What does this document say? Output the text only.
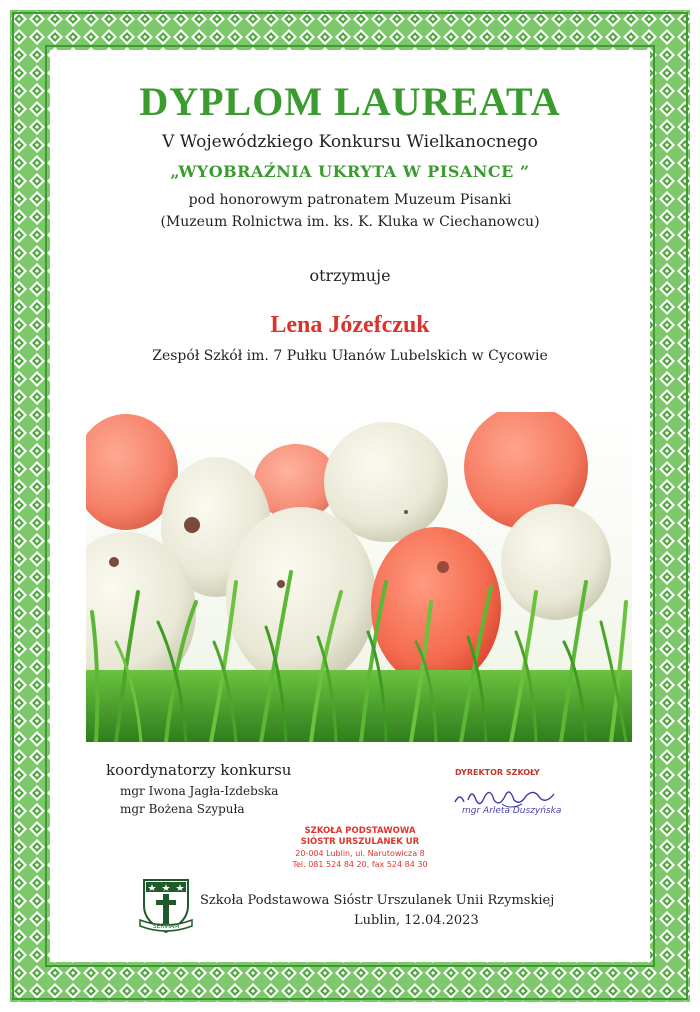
DYPLOM LAUREATA
V Wojewódzkiego Konkursu Wielkanocnego
„WYOBRAŹNIA UKRYTA W PISANCE ”
pod honorowym patronatem Muzeum Pisanki
(Muzeum Rolnictwa im. ks. K. Kluka w Ciechanowcu)
otrzymuje
Lena Józefczuk
Zespół Szkół im. 7 Pułku Ułanów Lubelskich w Cycowie
koordynatorzy konkursu
mgr Iwona Jagła-Izdebska
mgr Bożena Szypuła
DYREKTOR SZKOŁY
mgr Arleta Duszyńska
SZKOŁA PODSTAWOWA
SIÓSTR URSZULANEK UR
20-004 Lublin, ul. Narutowicza 8
Tel. 081 524 84 20, fax 524 84 30
SERVIAM
Szkoła Podstawowa Sióstr Urszulanek Unii Rzymskiej
Lublin, 12.04.2023
